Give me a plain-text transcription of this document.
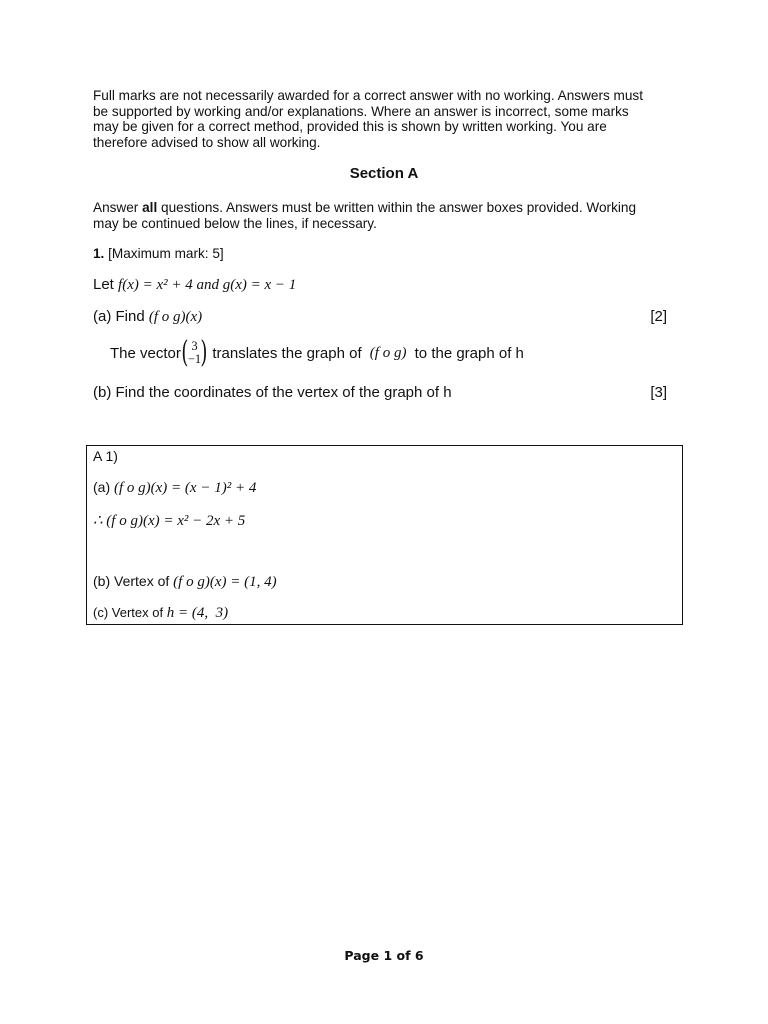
Full marks are not necessarily awarded for a correct answer with no working. Answers must
be supported by working and/or explanations. Where an answer is incorrect, some marks
may be given for a correct method, provided this is shown by written working. You are
therefore advised to show all working.
Section A
Answer all questions. Answers must be written within the answer boxes provided. Working
may be continued below the lines, if necessary.
1. [Maximum mark: 5]
Let f(x) = x² + 4 and g(x) = x − 1
(a) Find (f o g)(x)	[2]
The vector ( 3
−1 ) translates the graph of (f o g) to the graph of h
(b) Find the coordinates of the vertex of the graph of h	[3]
A 1)
(a) (f o g)(x) = (x − 1)² + 4
∴ (f o g)(x) = x² − 2x + 5
(b) Vertex of (f o g)(x) = (1, 4)
(c) Vertex of h = (4,  3)
Page 1 of 6
